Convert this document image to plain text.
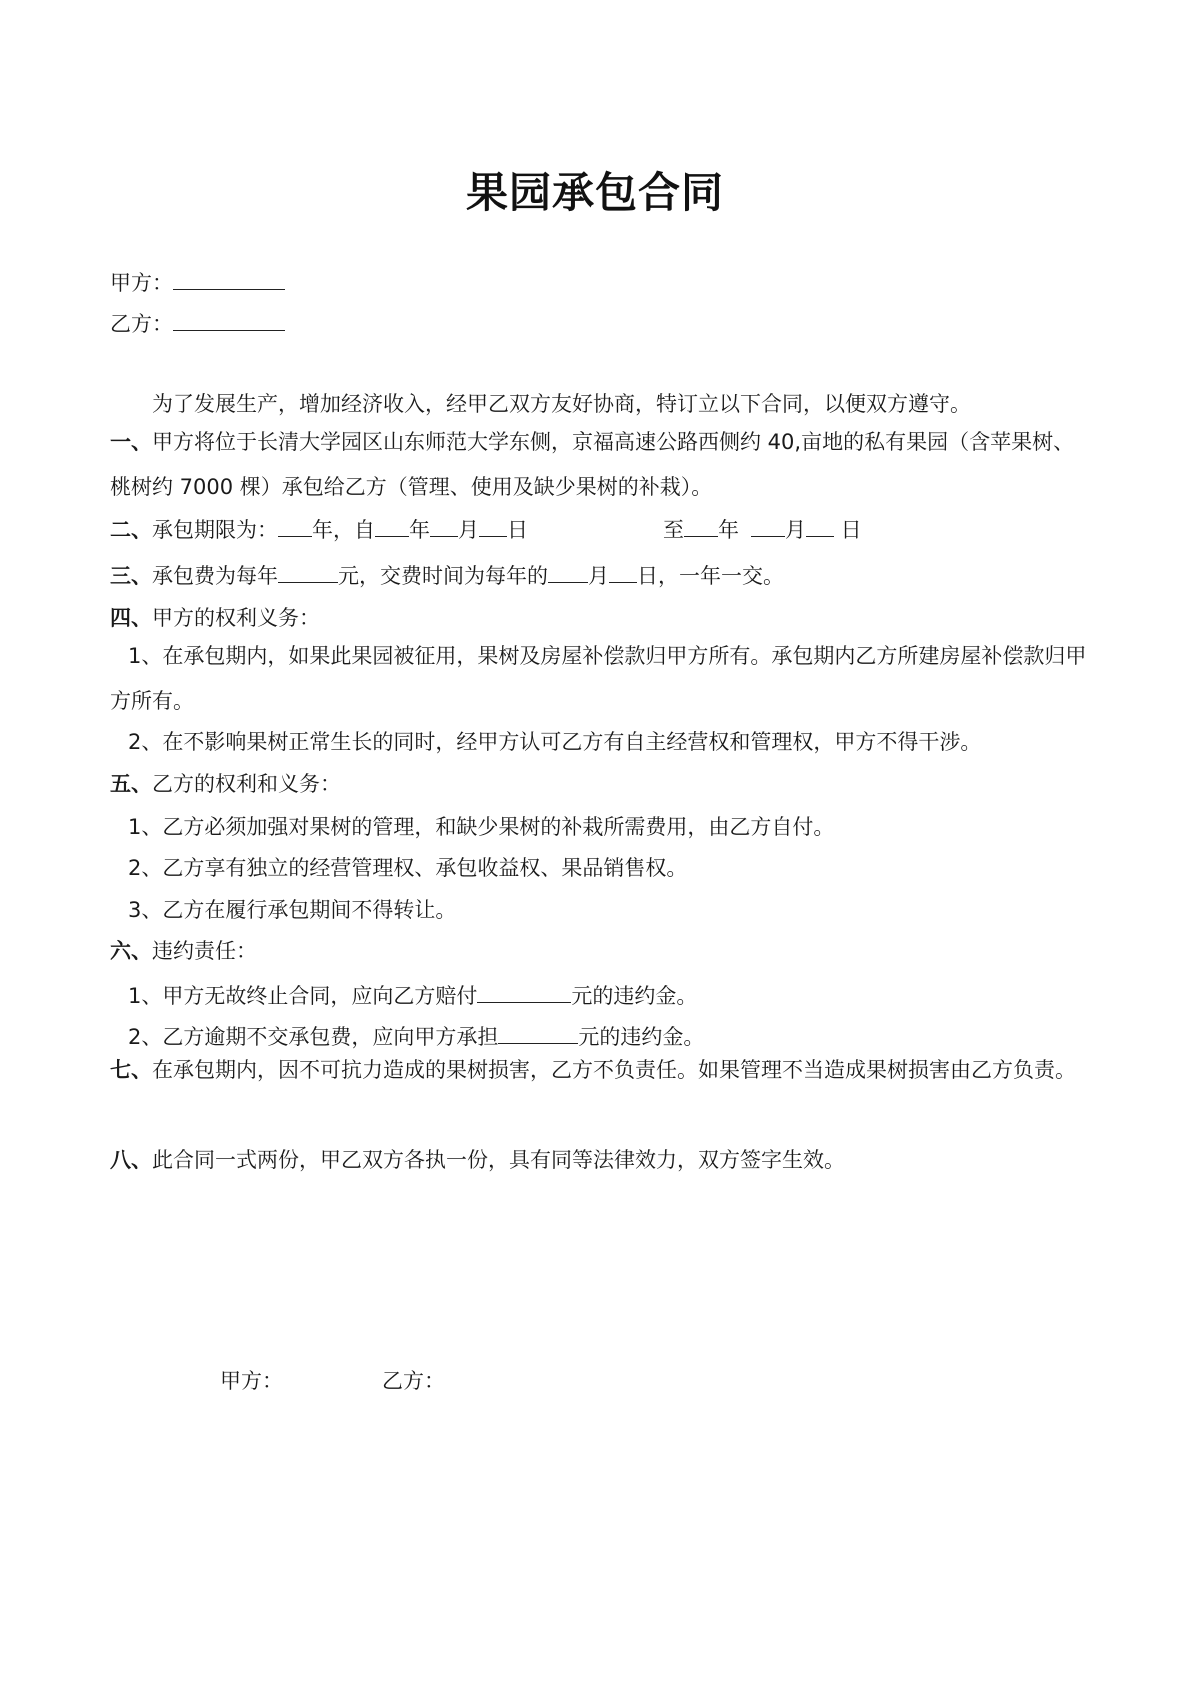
果园承包合同
甲方：
乙方：
为了发展生产，增加经济收入，经甲乙双方友好协商，特订立以下合同，以便双方遵守。
一、甲方将位于长清大学园区山东师范大学东侧，京福高速公路西侧约 40,亩地的私有果园（含苹果树、桃树约 7000 棵）承包给乙方（管理、使用及缺少果树的补栽）。
二、承包期限为： 年，自 年 月 日	至 年 月 日
三、承包费为每年	元，交费时间为每年的 月 日，一年一交。
四、甲方的权利义务：
1、在承包期内，如果此果园被征用，果树及房屋补偿款归甲方所有。承包期内乙方所建房屋补偿款归甲方所有。
2、在不影响果树正常生长的同时，经甲方认可乙方有自主经营权和管理权，甲方不得干涉。
五、乙方的权利和义务：
1、乙方必须加强对果树的管理，和缺少果树的补栽所需费用，由乙方自付。
2、乙方享有独立的经营管理权、承包收益权、果品销售权。
3、乙方在履行承包期间不得转让。
六、违约责任：
1、甲方无故终止合同，应向乙方赔付	元的违约金。
2、乙方逾期不交承包费，应向甲方承担	元的违约金。
七、在承包期内，因不可抗力造成的果树损害，乙方不负责任。如果管理不当造成果树损害由乙方负责。
八、此合同一式两份，甲乙双方各执一份，具有同等法律效力，双方签字生效。
甲方：	乙方：
